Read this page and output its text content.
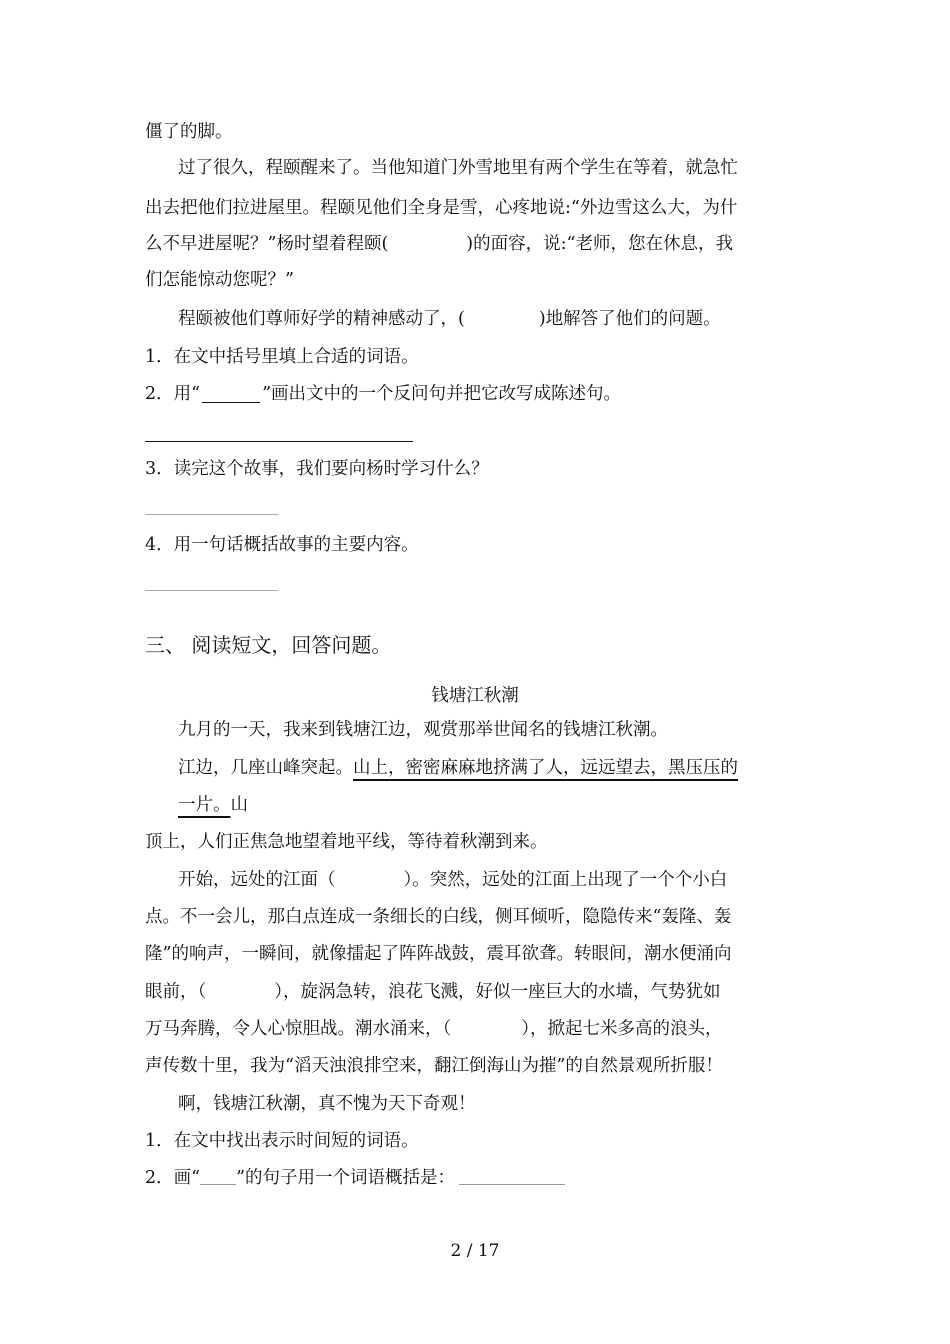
僵了的脚。
过了很久，程颐醒来了。当他知道门外雪地里有两个学生在等着，就急忙
出去把他们拉进屋里。程颐见他们全身是雪，心疼地说:“外边雪这么大，为什
么不早进屋呢？”杨时望着程颐(	)的面容，说:“老师，您在休息，我
们怎能惊动您呢？”
程颐被他们尊师好学的精神感动了，(	)地解答了他们的问题。
1．在文中括号里填上合适的词语。
2．用“	”画出文中的一个反问句并把它改写成陈述句。
3．读完这个故事，我们要向杨时学习什么？
4．用一句话概括故事的主要内容。
三、 阅读短文，回答问题。
钱塘江秋潮
九月的一天，我来到钱塘江边，观赏那举世闻名的钱塘江秋潮。
江边，几座山峰突起。山上，密密麻麻地挤满了人，远远望去，黑压压的
一片。山
顶上，人们正焦急地望着地平线，等待着秋潮到来。
开始，远处的江面（	）。突然，远处的江面上出现了一个个小白
点。不一会儿，那白点连成一条细长的白线，侧耳倾听，隐隐传来“轰隆、轰
隆”的响声，一瞬间，就像擂起了阵阵战鼓，震耳欲聋。转眼间，潮水便涌向
眼前，（	），旋涡急转，浪花飞溅，好似一座巨大的水墙，气势犹如
万马奔腾，令人心惊胆战。潮水涌来，（	），掀起七米多高的浪头，
声传数十里，我为“滔天浊浪排空来，翻江倒海山为摧”的自然景观所折服！
啊，钱塘江秋潮，真不愧为天下奇观！
1．在文中找出表示时间短的词语。
2．画“ ”的句子用一个词语概括是：
2 / 17
